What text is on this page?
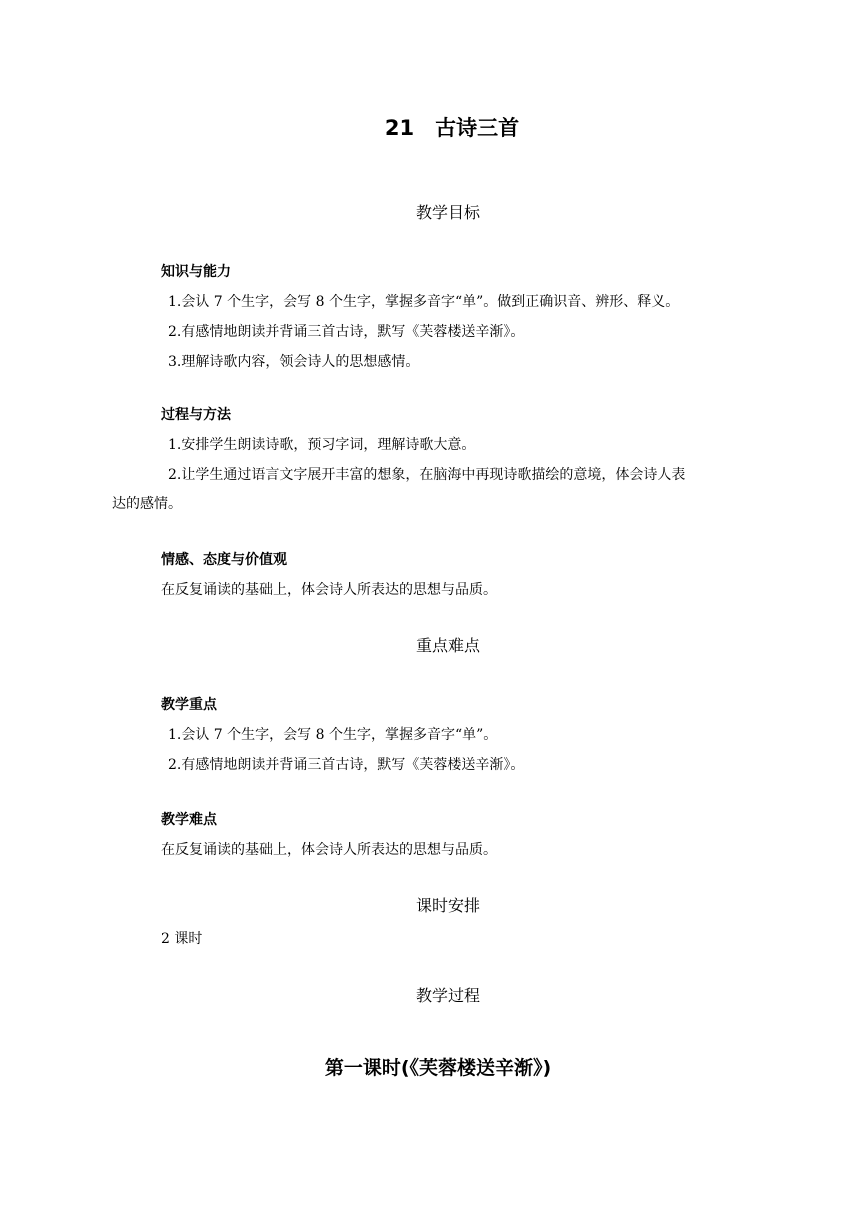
21　古诗三首
教学目标
知识与能力
1.会认 7 个生字，会写 8 个生字，掌握多音字“单”。做到正确识音、辨形、释义。
2.有感情地朗读并背诵三首古诗，默写《芙蓉楼送辛渐》。
3.理解诗歌内容，领会诗人的思想感情。
过程与方法
1.安排学生朗读诗歌，预习字词，理解诗歌大意。
2.让学生通过语言文字展开丰富的想象，在脑海中再现诗歌描绘的意境，体会诗人表
达的感情。
情感、态度与价值观
在反复诵读的基础上，体会诗人所表达的思想与品质。
重点难点
教学重点
1.会认 7 个生字，会写 8 个生字，掌握多音字“单”。
2.有感情地朗读并背诵三首古诗，默写《芙蓉楼送辛渐》。
教学难点
在反复诵读的基础上，体会诗人所表达的思想与品质。
课时安排
2 课时
教学过程
第一课时(《芙蓉楼送辛渐》)
